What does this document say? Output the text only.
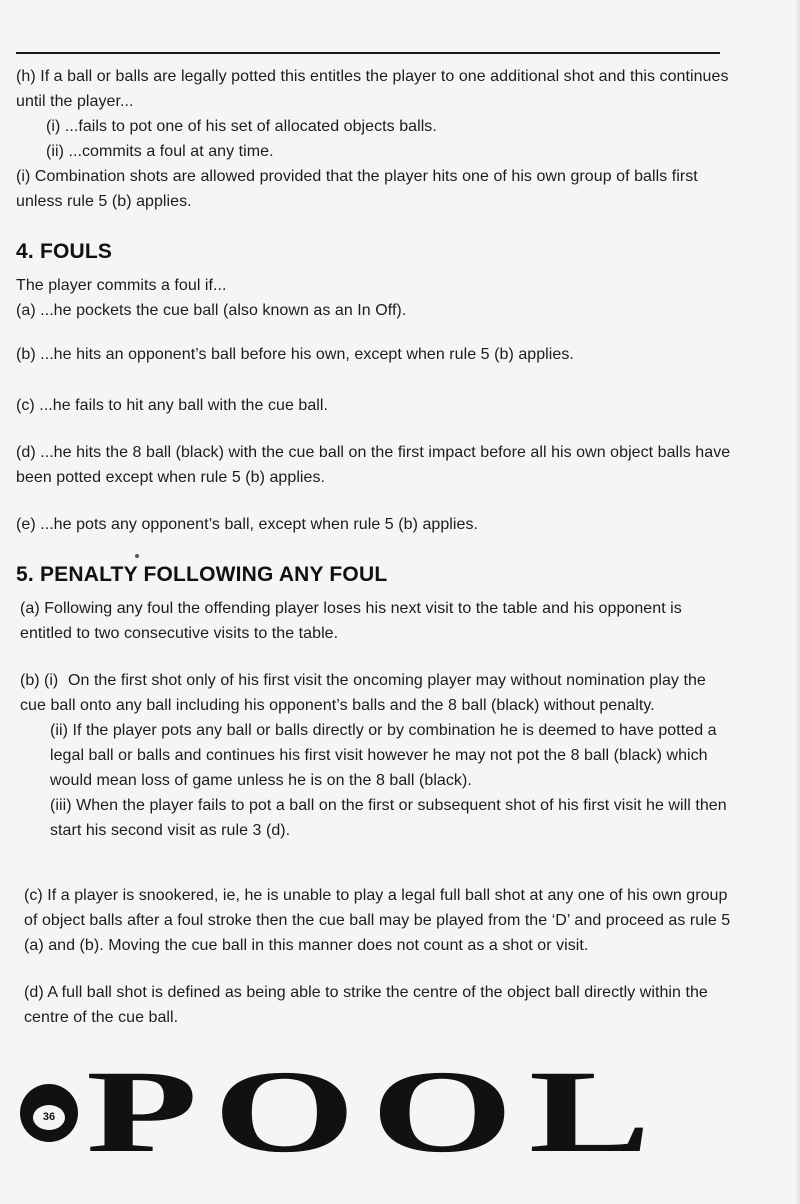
(h) If a ball or balls are legally potted this entitles the player to one additional shot and this continues until the player...

(i) ...fails to pot one of his set of allocated objects balls.

(ii) ...commits a foul at any time.

(i) Combination shots are allowed provided that the player hits one of his own group of balls first unless rule 5 (b) applies.

4. FOULS

The player commits a foul if...

(a) ...he pockets the cue ball (also known as an In Off).

(b) ...he hits an opponent’s ball before his own, except when rule 5 (b) applies.

(c) ...he fails to hit any ball with the cue ball.

(d) ...he hits the 8 ball (black) with the cue ball on the first impact before all his own object balls have been potted except when rule 5 (b) applies.

(e) ...he pots any opponent’s ball, except when rule 5 (b) applies.

5. PENALTY FOLLOWING ANY FOUL

(a) Following any foul the offending player loses his next visit to the table and his opponent is entitled to two consecutive visits to the table.

(b) (i) On the first shot only of his first visit the oncoming player may without nomination play the cue ball onto any ball including his opponent’s balls and the 8 ball (black) without penalty.

(ii) If the player pots any ball or balls directly or by combination he is deemed to have potted a legal ball or balls and continues his first visit however he may not pot the 8 ball (black) which would mean loss of game unless he is on the 8 ball (black).

(iii) When the player fails to pot a ball on the first or subsequent shot of his first visit he will then start his second visit as rule 3 (d).

(c) If a player is snookered, ie, he is unable to play a legal full ball shot at any one of his own group of object balls after a foul stroke then the cue ball may be played from the ‘D’ and proceed as rule 5 (a) and (b). Moving the cue ball in this manner does not count as a shot or visit.

(d) A full ball shot is defined as being able to strike the centre of the object ball directly within the centre of the cue ball.

36 POOL
